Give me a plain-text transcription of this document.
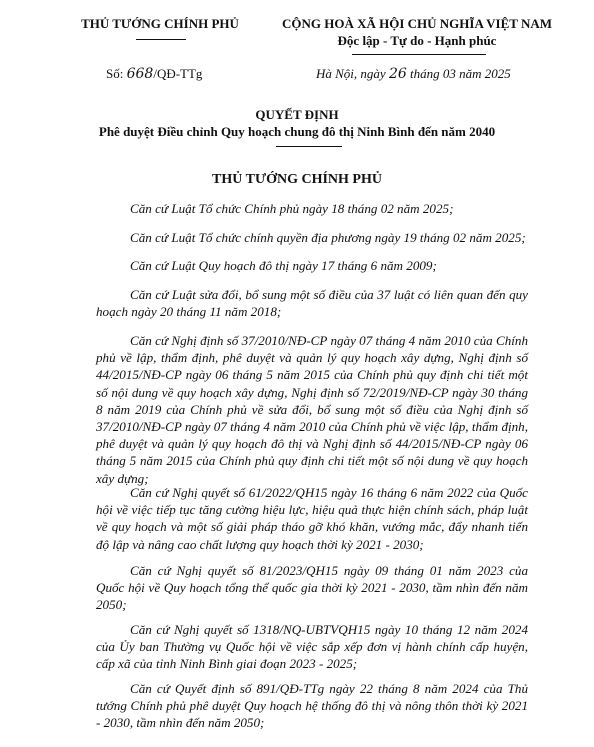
THỦ TƯỚNG CHÍNH PHỦ	CỘNG HOÀ XÃ HỘI CHỦ NGHĨA VIỆT NAM
Độc lập - Tự do - Hạnh phúc
Số: 668/QĐ-TTg	Hà Nội, ngày 26 tháng 03 năm 2025
QUYẾT ĐỊNH
Phê duyệt Điều chỉnh Quy hoạch chung đô thị Ninh Bình đến năm 2040
THỦ TƯỚNG CHÍNH PHỦ
Căn cứ Luật Tổ chức Chính phủ ngày 18 tháng 02 năm 2025;
Căn cứ Luật Tổ chức chính quyền địa phương ngày 19 tháng 02 năm 2025;
Căn cứ Luật Quy hoạch đô thị ngày 17 tháng 6 năm 2009;
Căn cứ Luật sửa đổi, bổ sung một số điều của 37 luật có liên quan đến quy hoạch ngày 20 tháng 11 năm 2018;
Căn cứ Nghị định số 37/2010/NĐ-CP ngày 07 tháng 4 năm 2010 của Chính phủ về lập, thẩm định, phê duyệt và quản lý quy hoạch xây dựng, Nghị định số 44/2015/NĐ-CP ngày 06 tháng 5 năm 2015 của Chính phủ quy định chi tiết một số nội dung về quy hoạch xây dựng, Nghị định số 72/2019/NĐ-CP ngày 30 tháng 8 năm 2019 của Chính phủ về sửa đổi, bổ sung một số điều của Nghị định số 37/2010/NĐ-CP ngày 07 tháng 4 năm 2010 của Chính phủ về việc lập, thẩm định, phê duyệt và quản lý quy hoạch đô thị và Nghị định số 44/2015/NĐ-CP ngày 06 tháng 5 năm 2015 của Chính phủ quy định chi tiết một số nội dung về quy hoạch xây dựng;
Căn cứ Nghị quyết số 61/2022/QH15 ngày 16 tháng 6 năm 2022 của Quốc hội về việc tiếp tục tăng cường hiệu lực, hiệu quả thực hiện chính sách, pháp luật về quy hoạch và một số giải pháp tháo gỡ khó khăn, vướng mắc, đẩy nhanh tiến độ lập và nâng cao chất lượng quy hoạch thời kỳ 2021 - 2030;
Căn cứ Nghị quyết số 81/2023/QH15 ngày 09 tháng 01 năm 2023 của Quốc hội về Quy hoạch tổng thể quốc gia thời kỳ 2021 - 2030, tầm nhìn đến năm 2050;
Căn cứ Nghị quyết số 1318/NQ-UBTVQH15 ngày 10 tháng 12 năm 2024 của Ủy ban Thường vụ Quốc hội về việc sắp xếp đơn vị hành chính cấp huyện, cấp xã của tỉnh Ninh Bình giai đoạn 2023 - 2025;
Căn cứ Quyết định số 891/QĐ-TTg ngày 22 tháng 8 năm 2024 của Thủ tướng Chính phủ phê duyệt Quy hoạch hệ thống đô thị và nông thôn thời kỳ 2021 - 2030, tầm nhìn đến năm 2050;
